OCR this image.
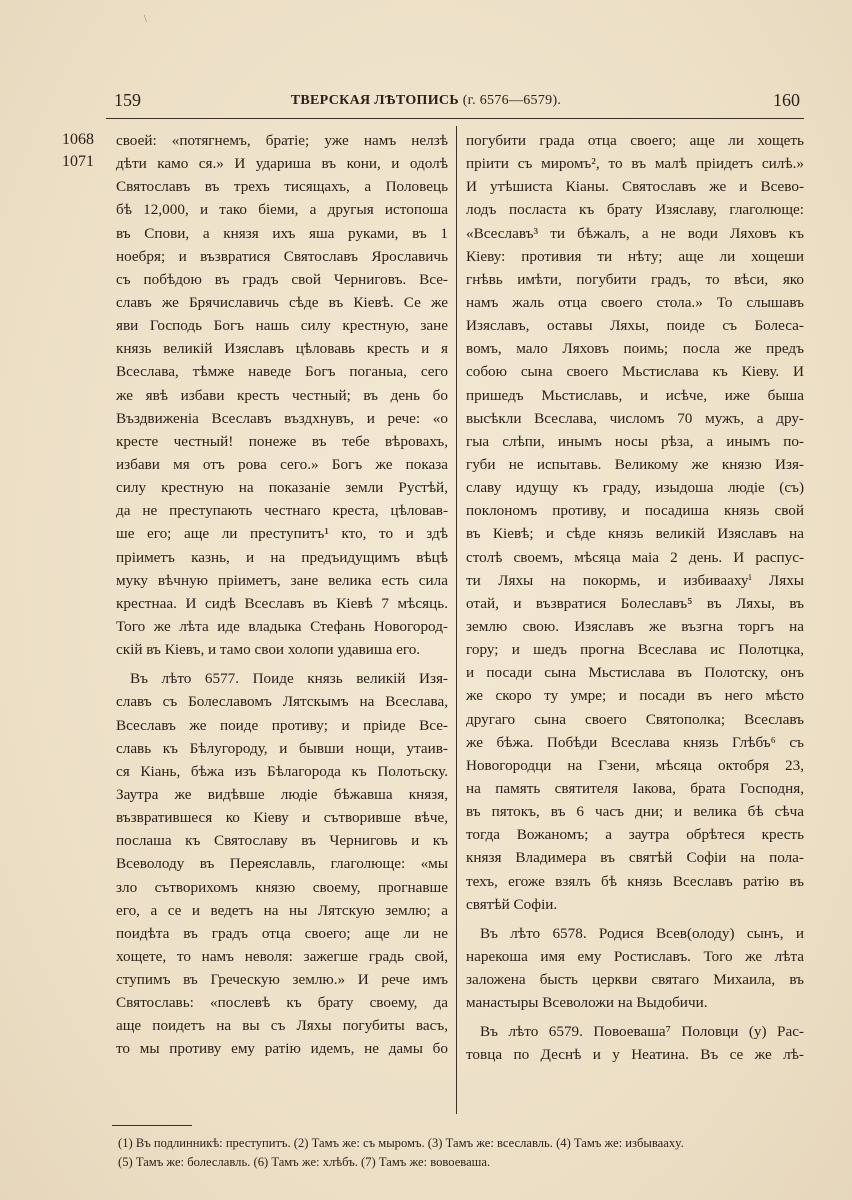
\
159	ТВЕРСКАЯ ЛѢТОПИСЬ (г. 6576—6579).	160
1068
1071
своей: «потягнемъ, братiе; уже намъ нелзѣ
дѣти камо ся.» И удариша въ кони, и одолѣ
Святославъ въ трехъ тисящахъ, а Половець
бѣ 12,000, и тако бiеми, а другыя истопоша
въ Спови, а князя ихъ яша руками, въ 1
ноебря; и възвратися Святославъ Ярославичь
съ побѣдою въ градъ свой Черниговъ. Все-
славъ же Брячиславичь сѣде въ Кiевѣ. Се же
яви Господь Богъ нашь силу крестную, зане
князь великiй Изяславъ цѣловавь кресть и я
Всеслава, тѣмже наведе Богъ поганыа, сего
же явѣ избави кресть честный; въ день бо
Въздвиженiа Всеславъ въздхнувъ, и рече: «о
кресте честный! понеже въ тебе вѣровахъ,
избави мя отъ рова сего.» Богъ же показа
силу крестную на показанiе земли Руcтѣй,
да не преступають честнаго креста, цѣловав-
ше его; аще ли преступитъ¹ кто, то и здѣ
прiиметъ казнь, и на предъидущимъ вѣцѣ
муку вѣчную прiиметъ, зане велика есть сила
крестнаа. И сидѣ Всеславъ въ Кiевѣ 7 мѣсяць.
Того же лѣта иде владыка Стефань Новогород-
скiй въ Кiевъ, и тамо свои холопи удавиша его.
Въ лѣто 6577. Поиде князь великiй Изя-
славъ съ Болеславомъ Лятскымъ на Всеслава,
Всеславъ же поиде противу; и прiиде Все-
славь къ Бѣлугороду, и бывши нощи, утаив-
ся Кiань, бѣжа изъ Бѣлагорода къ Полотьску.
Заутра же видѣвше людiе бѣжавша князя,
възвратившеся ко Кiеву и сътворивше вѣче,
послаша къ Святославу въ Черниговь и къ
Всеволоду въ Переяславль, глаголюще: «мы
зло сътворихомъ князю своему, прогнавше
его, а се и ведетъ на ны Лятскую землю; а
поидѣта въ градъ отца своего; аще ли не
хощете, то намъ неволя: зажегше градь свой,
ступимъ въ Греческую землю.» И рече имъ
Святославь: «послевѣ къ брату своему, да
аще поидетъ на вы съ Ляхы погубиты васъ,
то мы противу ему ратiю идемъ, не дамы бо
погубити града отца своего; аще ли хощеть
прiити съ миромъ², то въ малѣ прiидетъ силѣ.»
И утѣшиста Кiаны. Святославъ же и Всево-
лодъ посласта къ брату Изяславу, глаголюще:
«Всеславъ³ ти бѣжалъ, а не води Ляховъ къ
Кiеву: противия ти нѣту; аще ли хощеши
гнѣвь имѣти, погубити градъ, то вѣси, яко
намъ жаль отца своего стола.» То слышавъ
Изяславъ, оставы Ляхы, поиде съ Болеса-
вомъ, мало Ляховъ поимь; посла же предъ
собою сына своего Мьстислава къ Кiеву. И
пришедъ Мьстиславь, и исѣче, иже быша
высѣкли Всеслава, числомъ 70 мужъ, а дру-
гыа слѣпи, инымъ носы рѣза, а инымъ по-
губи не испытавь. Великому же князю Изя-
славу идущу къ граду, изыдоша людiе (съ)
поклономъ противу, и посадиша князь свой
въ Кiевѣ; и сѣде князь великiй Изяславъ на
столѣ своемъ, мѣсяца маiа 2 день. И распус-
ти Ляхы на покормь, и избиваахуⁱ Ляхы
отай, и възвратися Болеславъ⁵ въ Ляхы, въ
землю свою. Изяславъ же възгна торгъ на
гору; и шедъ прогна Всеслава ис Полотцка,
и посади сына Мьстислава въ Полотску, онъ
же скоро ту умре; и посади въ него мѣсто
другаго сына своего Святополка; Всеславъ
же бѣжа. Побѣди Всеслава князь Глѣбъ⁶ съ
Новогородци на Гзени, мѣсяца октобря 23,
на память святителя Iакова, брата Господня,
въ пятокъ, въ 6 часъ дни; и велика бѣ сѣча
тогда Вожаномъ; а заутра обрѣтеся кресть
князя Владимера въ святѣй Софiи на пола-
техъ, егоже взялъ бѣ князь Всеславъ ратiю въ
святѣй Софiи.
Въ лѣто 6578. Родися Всев(олоду) сынъ, и
нарекоша имя ему Ростиславъ. Того же лѣта
заложена бысть церкви святаго Михаила, въ
манастыры Всеволожи на Выдобичи.
Въ лѣто 6579. Повоеваша⁷ Половци (у) Рас-
товца по Деснѣ и у Неатина. Въ се же лѣ-
(1) Въ подлинникѣ: преступитъ. (2) Тамъ же: съ мыромъ. (3) Тамъ же: всеславль. (4) Тамъ же: избываахy.
(5) Тамъ же: болеславль. (6) Тамъ же: хлѣбъ. (7) Тамъ же: вовоеваша.
